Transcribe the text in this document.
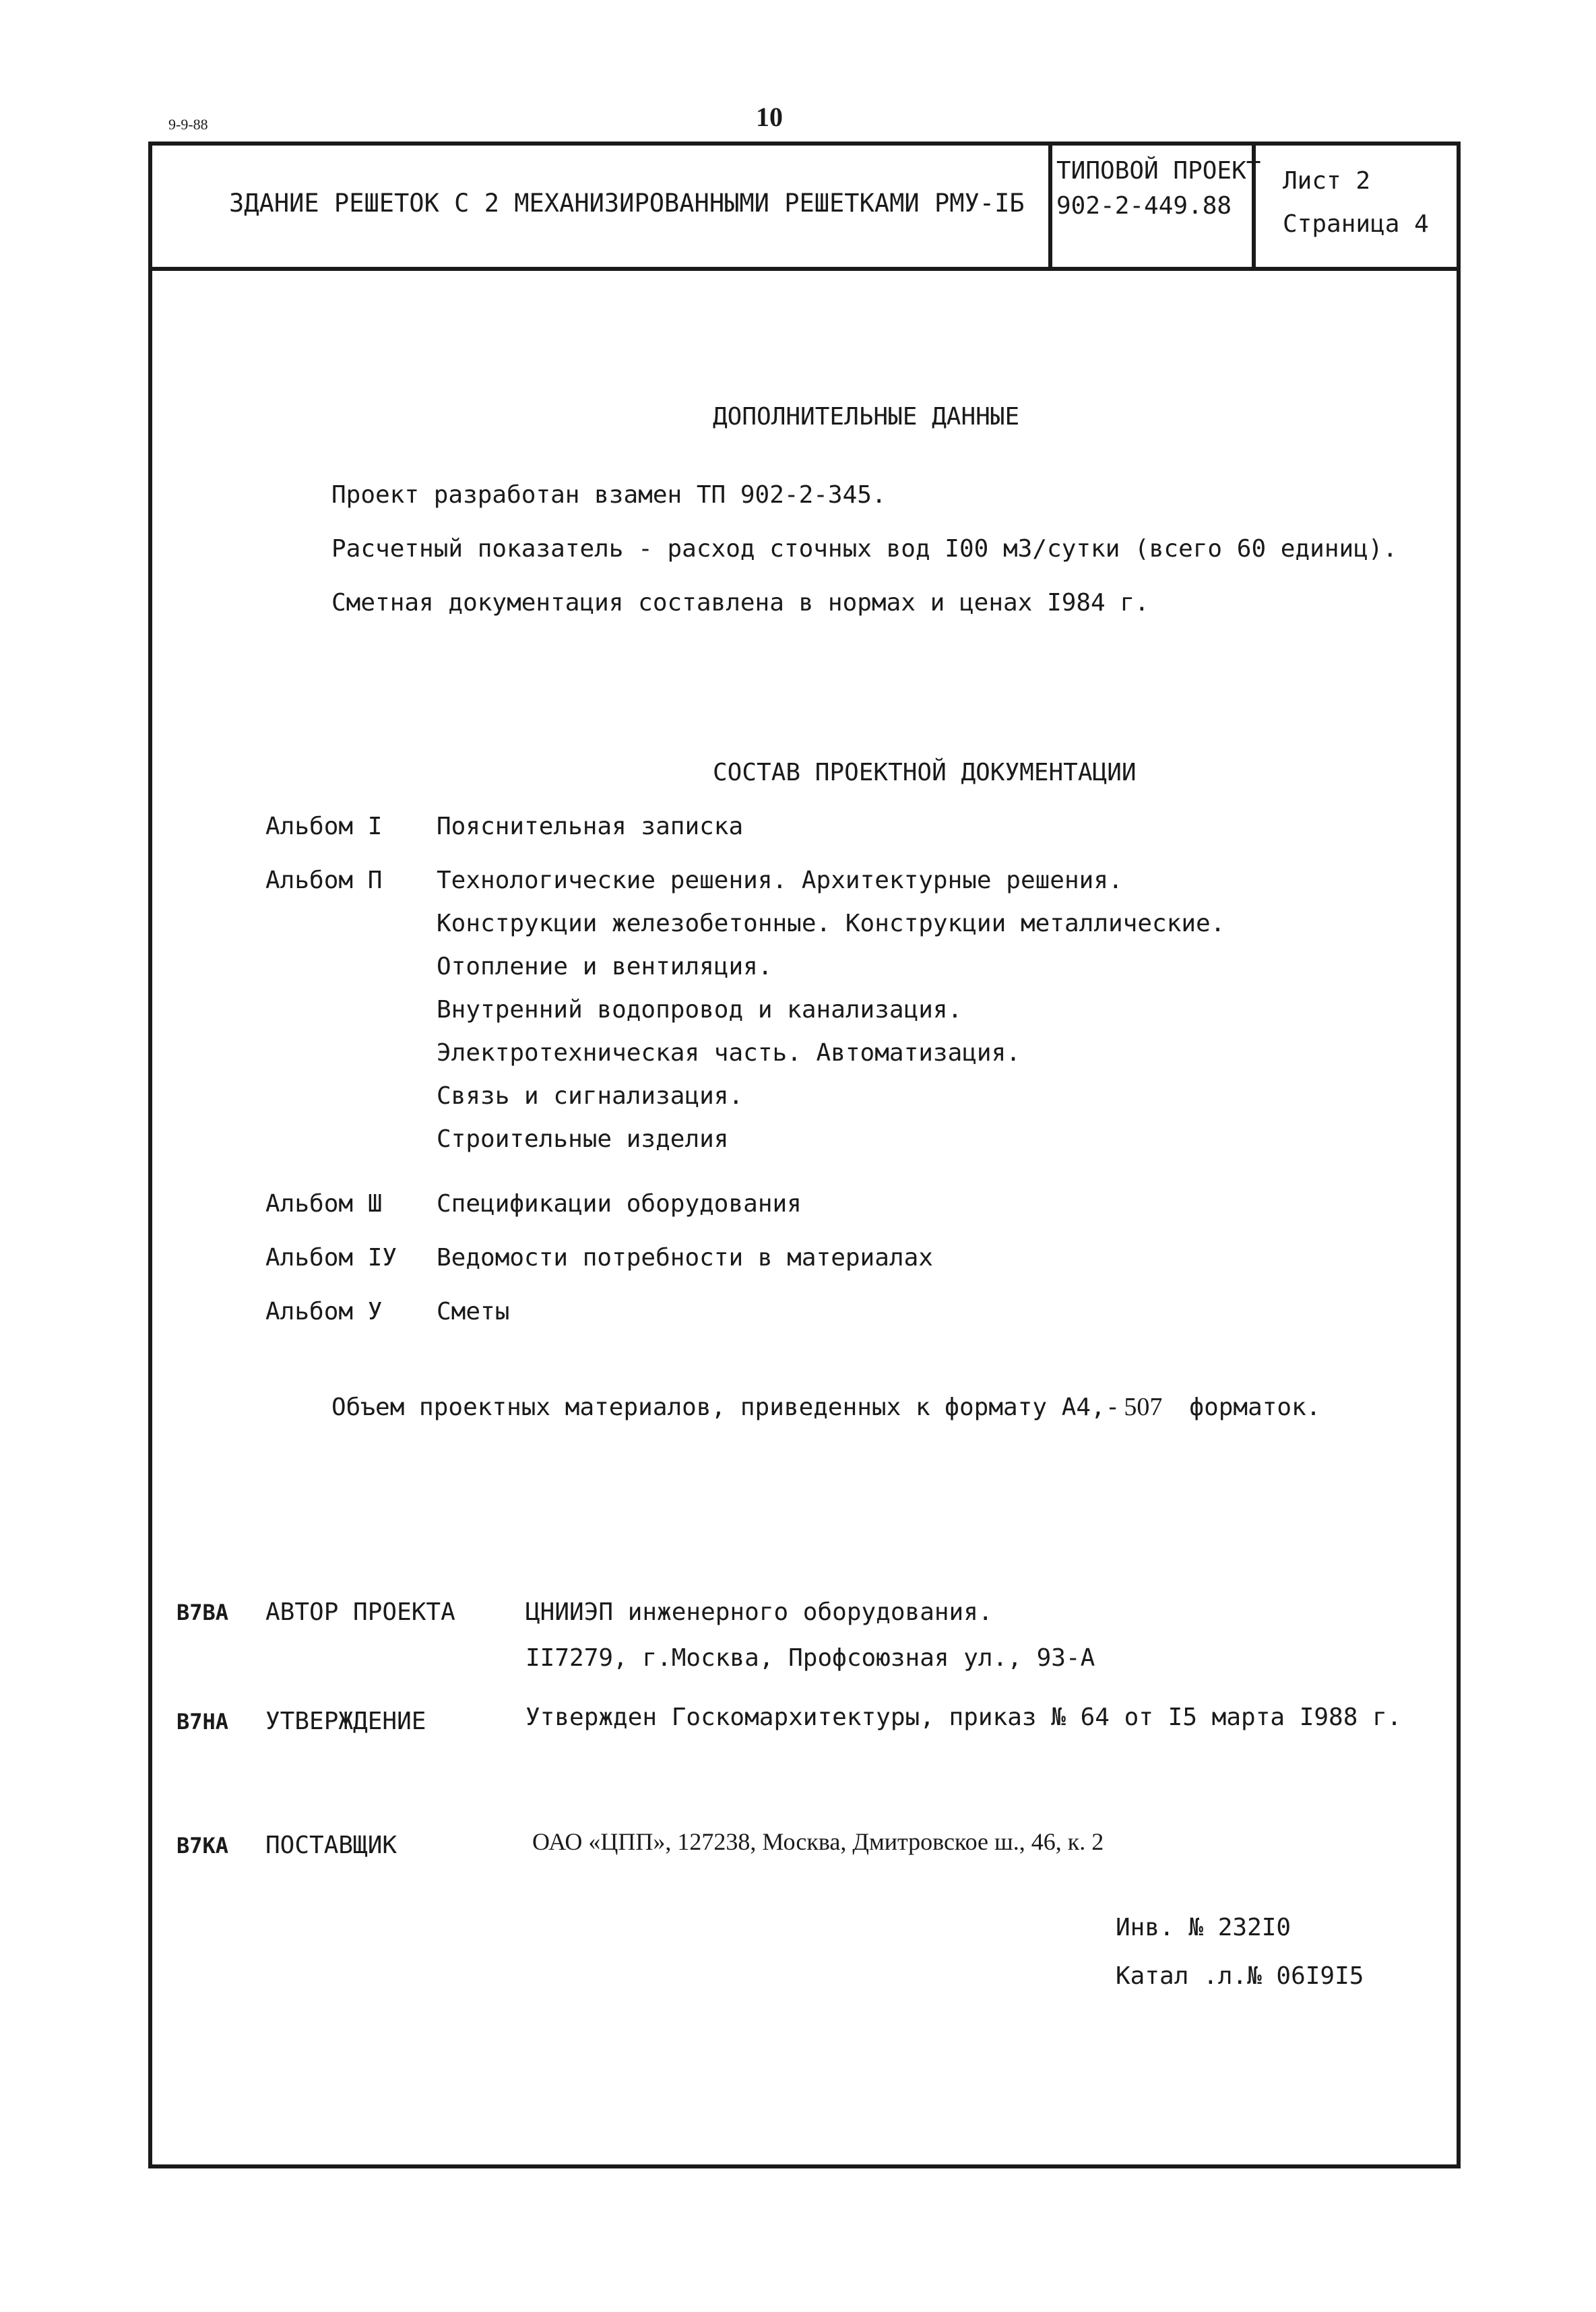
9-9-88	10
ЗДАНИЕ РЕШЕТОК С 2 МЕХАНИЗИРОВАННЫМИ РЕШЕТКАМИ РМУ-IБ
ТИПОВОЙ ПРОЕКТ
902-2-449.88
Лист 2
Страница 4
ДОПОЛНИТЕЛЬНЫЕ ДАННЫЕ
Проект разработан взамен ТП 902-2-345.
Расчетный показатель - расход сточных вод I00 м3/сутки (всего 60 единиц).
Сметная документация составлена в нормах и ценах I984 г.
СОСТАВ ПРОЕКТНОЙ ДОКУМЕНТАЦИИ
Альбом I Пояснительная записка
Альбом П Технологические решения. Архитектурные решения.
Конструкции железобетонные. Конструкции металлические.
Отопление и вентиляция.
Внутренний водопровод и канализация.
Электротехническая часть. Автоматизация.
Связь и сигнализация.
Строительные изделия
Альбом Ш Спецификации оборудования
Альбом IУ Ведомости потребности в материалах
Альбом У Сметы
Объем проектных материалов, приведенных к формату А4,- 507 форматок.
В7ВА АВТОР ПРОЕКТА	ЦНИИЭП инженерного оборудования.
II7279, г.Москва, Профсоюзная ул., 93-А
В7НА УТВЕРЖДЕНИЕ	Утвержден Госкомархитектуры, приказ № 64 от I5 марта I988 г.
В7КА ПОСТАВЩИК	ОАО «ЦПП», 127238, Москва, Дмитровское ш., 46, к. 2
Инв. № 232I0
Катал .л.№ 06I9I5
